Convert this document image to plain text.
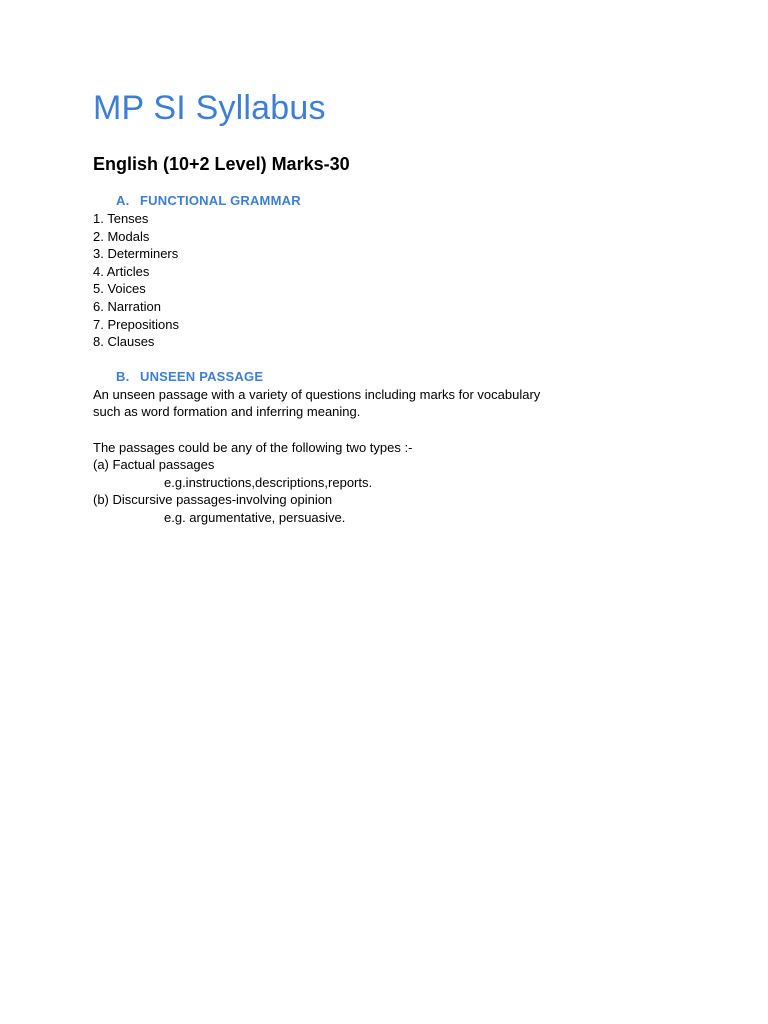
MP SI Syllabus
English (10+2 Level) Marks-30
A. FUNCTIONAL GRAMMAR
1. Tenses
2. Modals
3. Determiners
4. Articles
5. Voices
6. Narration
7. Prepositions
8. Clauses
B. UNSEEN PASSAGE

An unseen passage with a variety of questions including marks for vocabulary

such as word formation and inferring meaning.

The passages could be any of the following two types :-

(a) Factual passages

e.g.instructions,descriptions,reports.

(b) Discursive passages-involving opinion

e.g. argumentative, persuasive.
